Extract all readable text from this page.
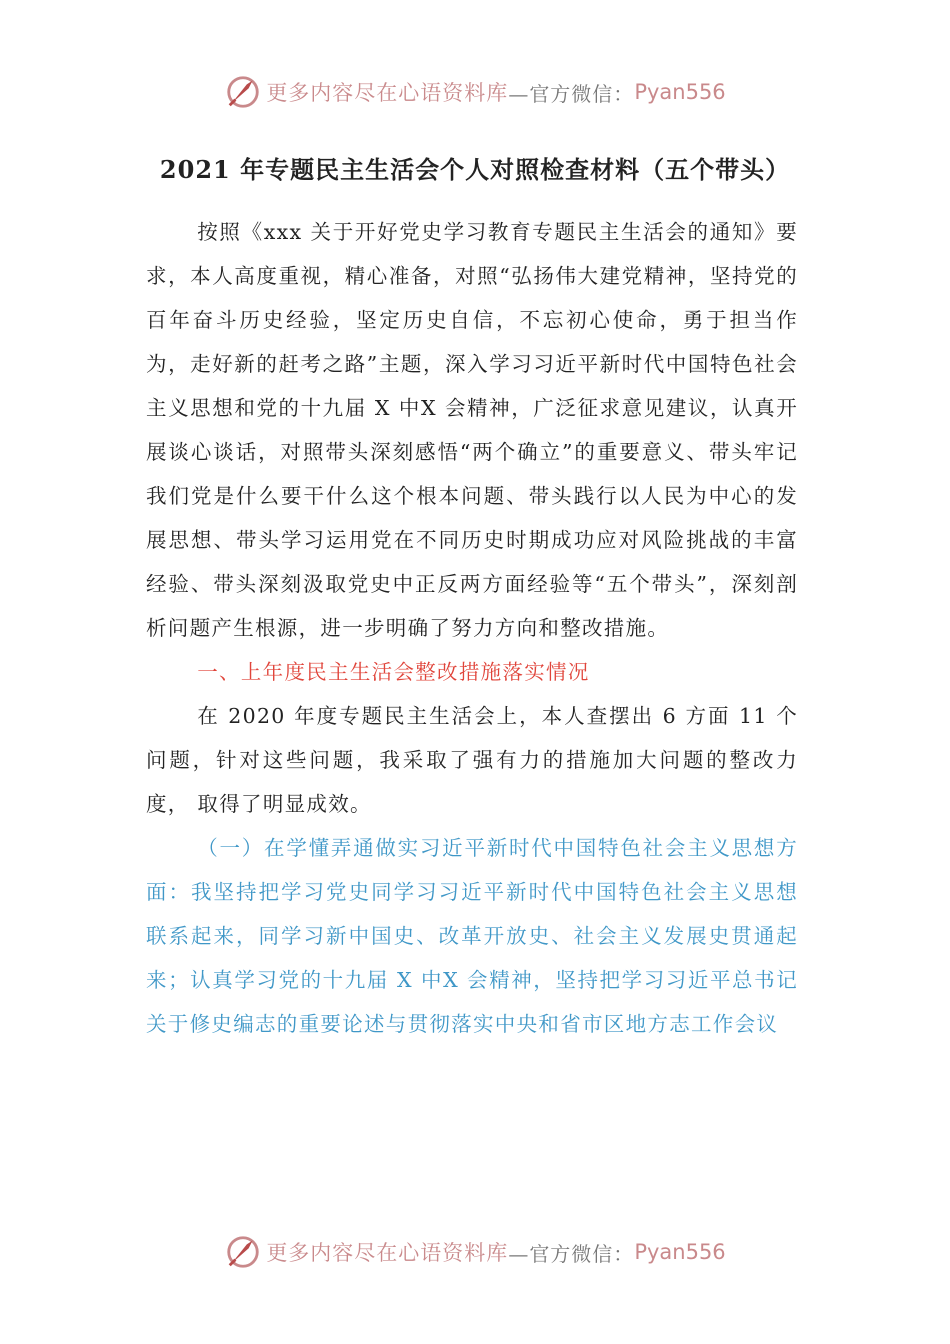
更多内容尽在心语资料库 —官方微信： Pyan556
2021 年专题民主生活会个人对照检查材料（五个带头）

按照《xxx 关于开好党史学习教育专题民主生活会的通知》要求，本人高度重视，精心准备，对照“弘扬伟大建党精神，坚持党的百年奋斗历史经验，坚定历史自信，不忘初心使命，勇于担当作为，走好新的赶考之路”主题，深入学习习近平新时代中国特色社会主义思想和党的十九届 X 中X 会精神，广泛征求意见建议，认真开展谈心谈话，对照带头深刻感悟“两个确立”的重要意义、带头牢记我们党是什么要干什么这个根本问题、带头践行以人民为中心的发展思想、带头学习运用党在不同历史时期成功应对风险挑战的丰富经验、带头深刻汲取党史中正反两方面经验等“五个带头”，深刻剖析问题产生根源，进一步明确了努力方向和整改措施。

一、上年度民主生活会整改措施落实情况

在 2020 年度专题民主生活会上，本人查摆出 6 方面 11 个问题，针对这些问题，我采取了强有力的措施加大问题的整改力度， 取得了明显成效。

（一）在学懂弄通做实习近平新时代中国特色社会主义思想方面：我坚持把学习党史同学习习近平新时代中国特色社会主义思想联系起来，同学习新中国史、改革开放史、社会主义发展史贯通起来；认真学习党的十九届 X 中X 会精神，坚持把学习习近平总书记关于修史编志的重要论述与贯彻落实中央和省市区地方志工作会议

更多内容尽在心语资料库 —官方微信： Pyan556
